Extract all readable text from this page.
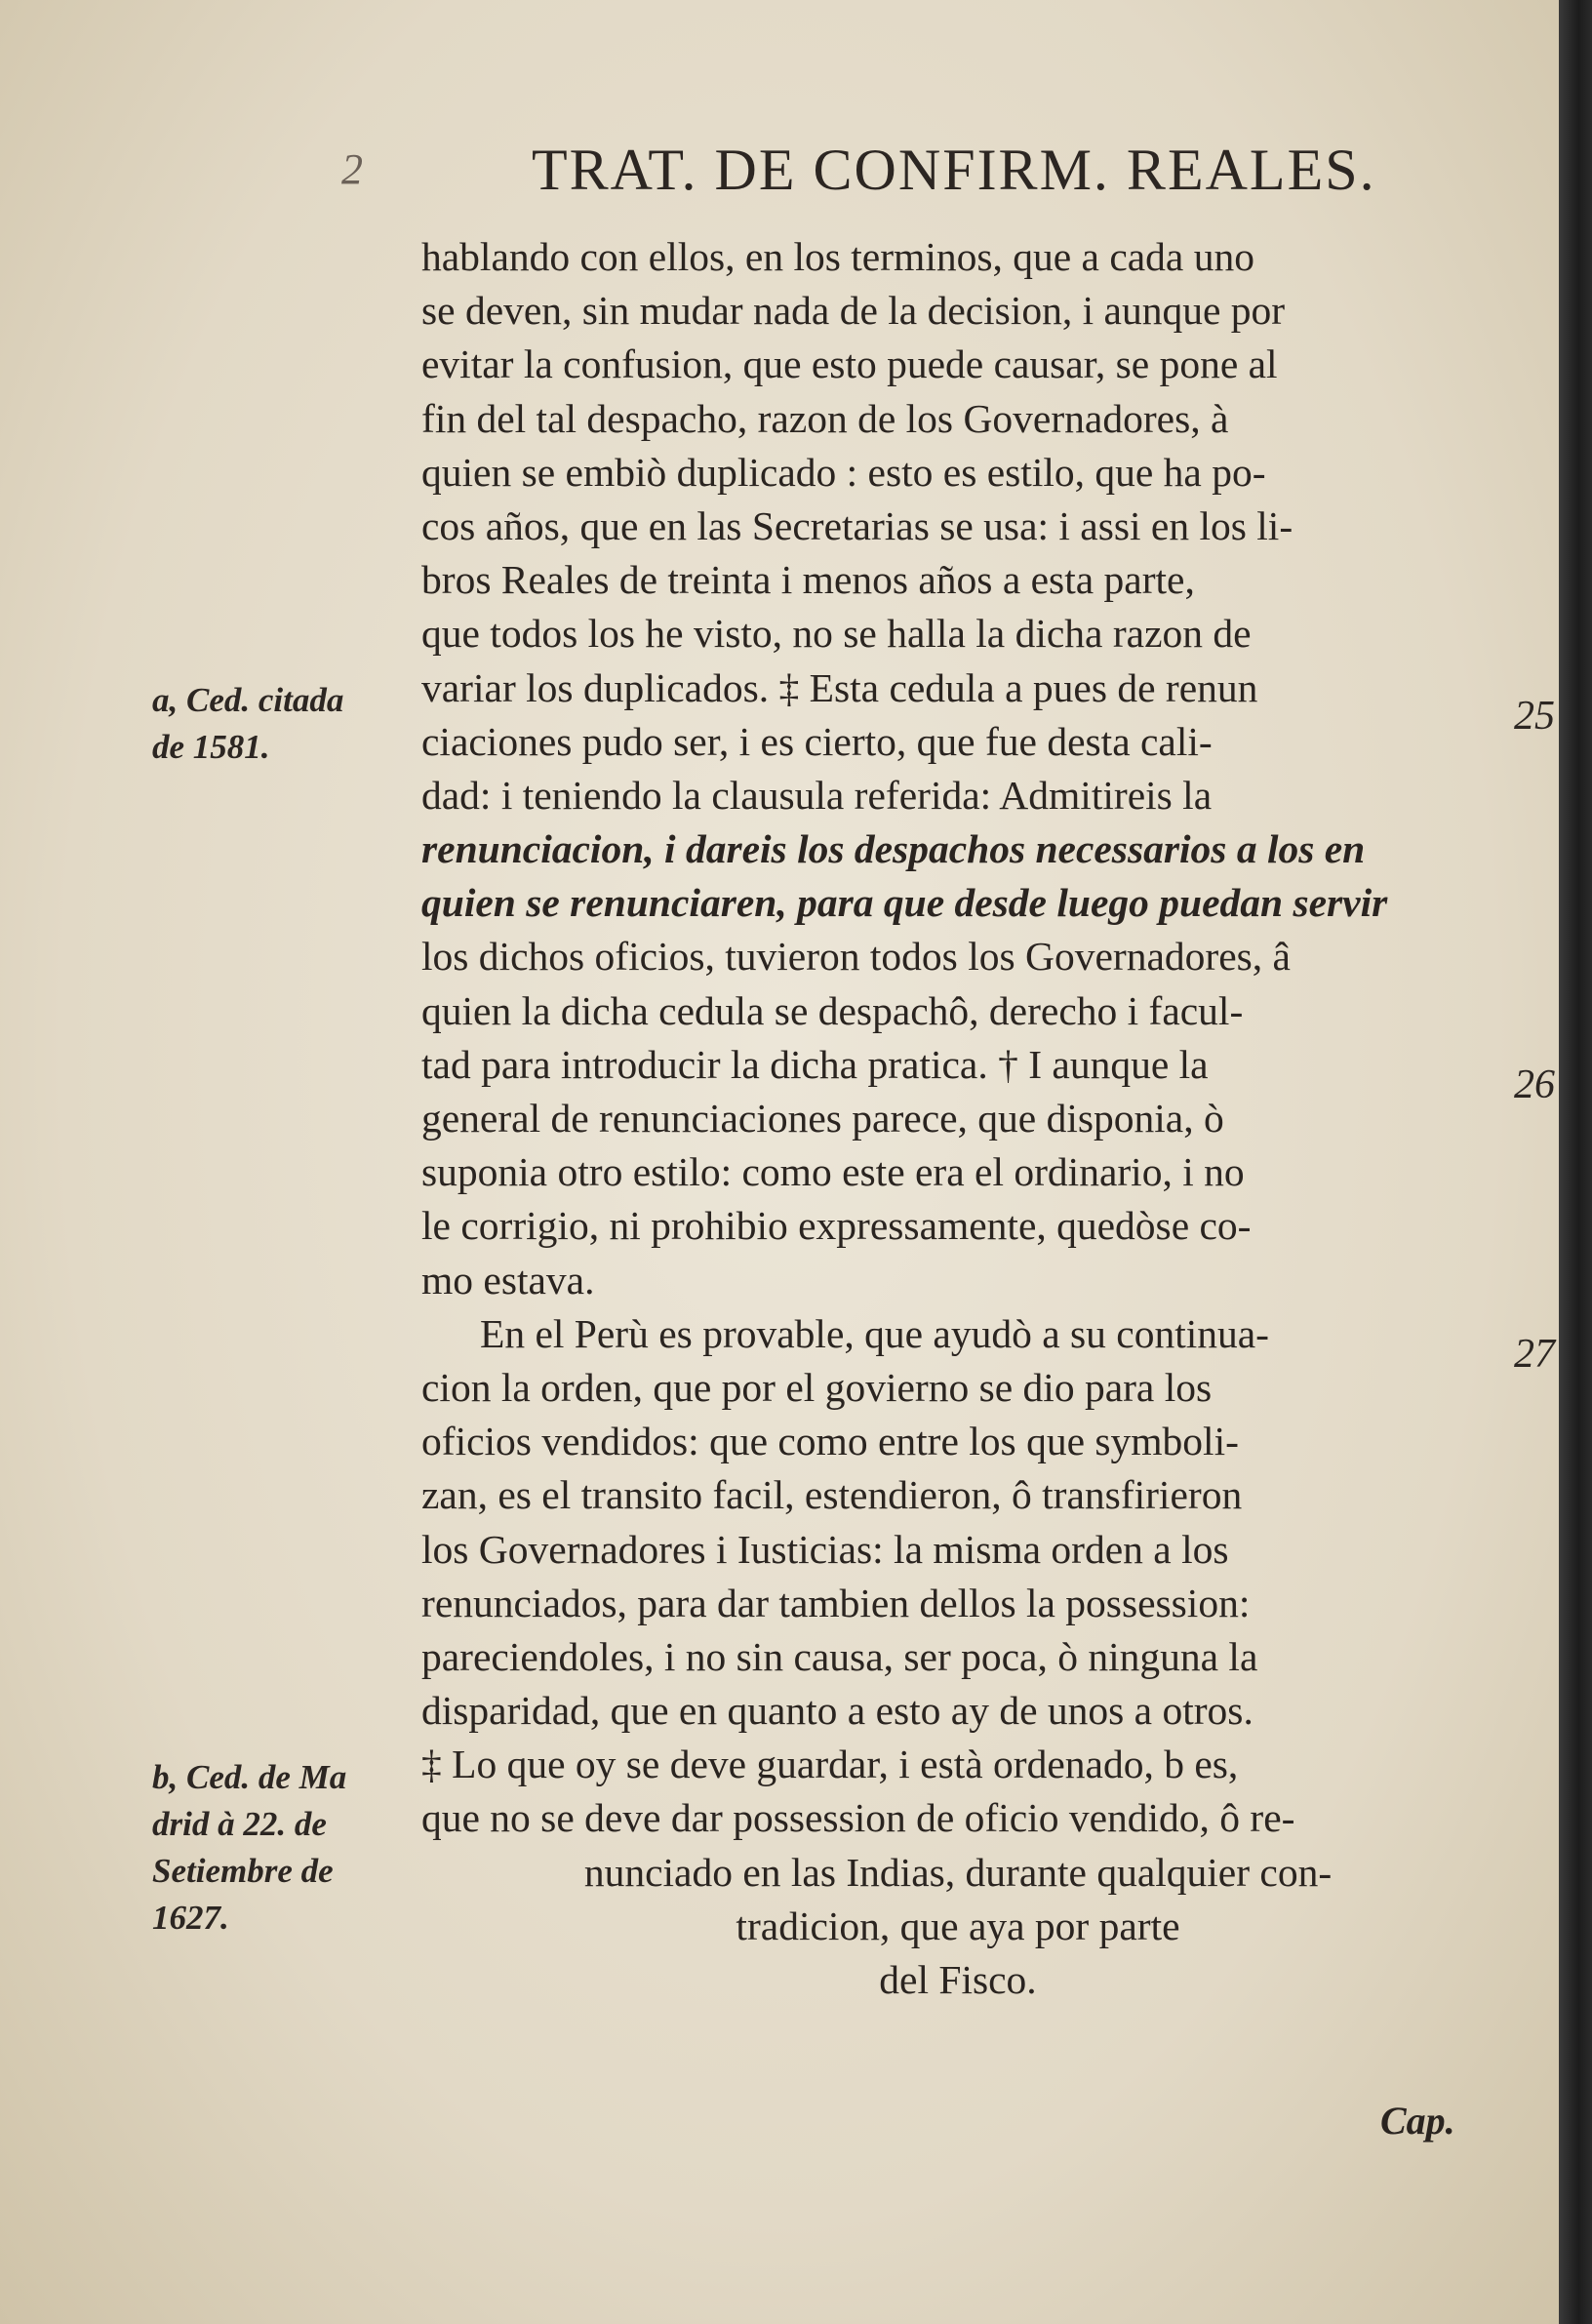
2	TRAT. DE CONFIRM. REALES.
hablando con ellos, en los terminos, que a cada uno
se deven, sin mudar nada de la decision, i aunque por
evitar la confusion, que esto puede causar, se pone al
fin del tal despacho, razon de los Governadores, à
quien se embiò duplicado : esto es estilo, que ha po-
cos años, que en las Secretarias se usa: i assi en los li-
bros Reales de treinta i menos años a esta parte,
que todos los he visto, no se halla la dicha razon de
variar los duplicados. ‡ Esta cedula a pues de renun
ciaciones pudo ser, i es cierto, que fue desta cali-
dad: i teniendo la clausula referida: Admitireis la
renunciacion, i dareis los despachos necessarios a los en
quien se renunciaren, para que desde luego puedan servir
los dichos oficios, tuvieron todos los Governadores, â
quien la dicha cedula se despachô, derecho i facul-
tad para introducir la dicha pratica. † I aunque la
general de renunciaciones parece, que disponia, ò
suponia otro estilo: como este era el ordinario, i no
le corrigio, ni prohibio expressamente, quedòse co-
mo estava.
En el Perù es provable, que ayudò a su continua-
cion la orden, que por el govierno se dio para los
oficios vendidos: que como entre los que symboli-
zan, es el transito facil, estendieron, ô transfirieron
los Governadores i Iusticias: la misma orden a los
renunciados, para dar tambien dellos la possession:
pareciendoles, i no sin causa, ser poca, ò ninguna la
disparidad, que en quanto a esto ay de unos a otros.
‡ Lo que oy se deve guardar, i està ordenado, b es,
que no se deve dar possession de oficio vendido, ô re-
nunciado en las Indias, durante qualquier con-
tradicion, que aya por parte
del Fisco.
a, Ced. citada
de 1581.
b, Ced. de Ma
drid à 22. de
Setiembre de
1627.
25
26
27
Cap.
